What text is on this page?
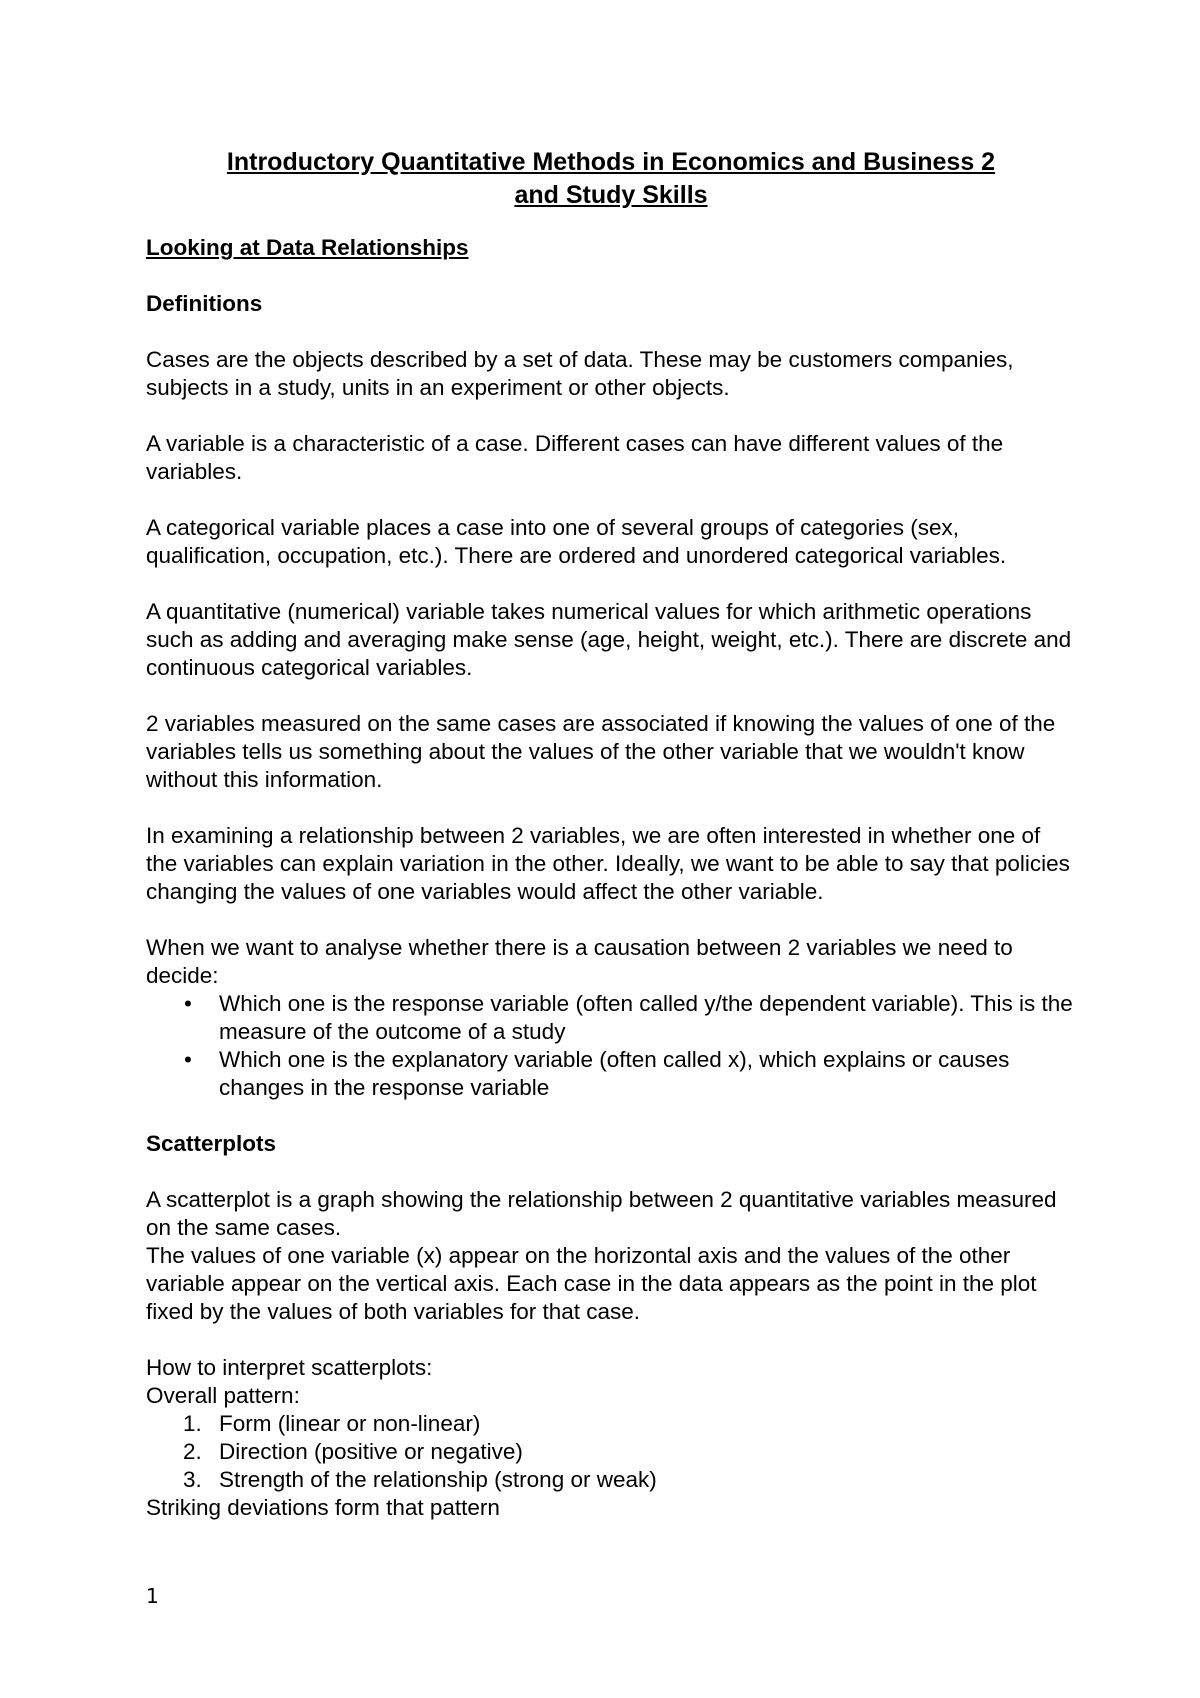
Introductory Quantitative Methods in Economics and Business 2
and Study Skills
Looking at Data Relationships
Definitions

Cases are the objects described by a set of data. These may be customers companies, subjects in a study, units in an experiment or other objects.

A variable is a characteristic of a case. Different cases can have different values of the variables.

A categorical variable places a case into one of several groups of categories (sex, qualification, occupation, etc.). There are ordered and unordered categorical variables.

A quantitative (numerical) variable takes numerical values for which arithmetic operations such as adding and averaging make sense (age, height, weight, etc.). There are discrete and continuous categorical variables.

2 variables measured on the same cases are associated if knowing the values of one of the variables tells us something about the values of the other variable that we wouldn't know without this information.

In examining a relationship between 2 variables, we are often interested in whether one of the variables can explain variation in the other. Ideally, we want to be able to say that policies changing the values of one variables would affect the other variable.

When we want to analyse whether there is a causation between 2 variables we need to decide:

• Which one is the response variable (often called y/the dependent variable). This is the measure of the outcome of a study
• Which one is the explanatory variable (often called x), which explains or causes changes in the response variable
Scatterplots

A scatterplot is a graph showing the relationship between 2 quantitative variables measured on the same cases.

The values of one variable (x) appear on the horizontal axis and the values of the other variable appear on the vertical axis. Each case in the data appears as the point in the plot fixed by the values of both variables for that case.

How to interpret scatterplots:
Overall pattern:
1. Form (linear or non-linear)
2. Direction (positive or negative)
3. Strength of the relationship (strong or weak)
Striking deviations form that pattern
1
